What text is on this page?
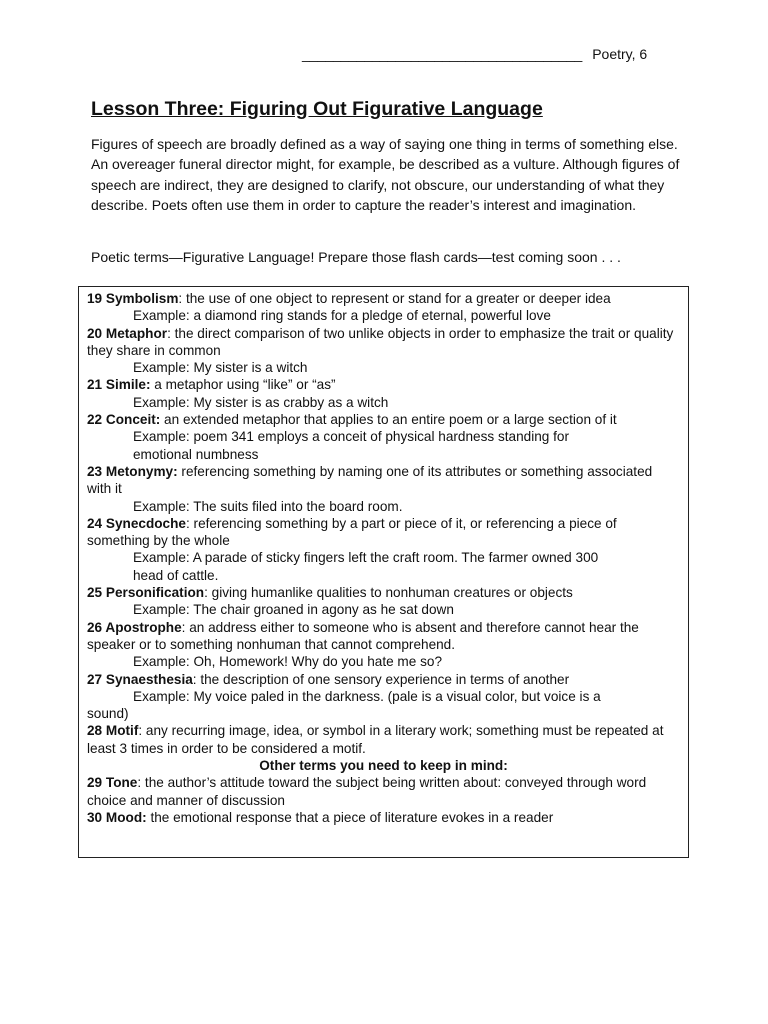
____________________________________ Poetry, 6
Lesson Three: Figuring Out Figurative Language

Figures of speech are broadly defined as a way of saying one thing in terms of something else. An overeager funeral director might, for example, be described as a vulture. Although figures of speech are indirect, they are designed to clarify, not obscure, our understanding of what they describe. Poets often use them in order to capture the reader’s interest and imagination.

Poetic terms—Figurative Language! Prepare those flash cards—test coming soon . . .

19 Symbolism: the use of one object to represent or stand for a greater or deeper idea

Example: a diamond ring stands for a pledge of eternal, powerful love

20 Metaphor: the direct comparison of two unlike objects in order to emphasize the trait or quality they share in common

Example: My sister is a witch

21 Simile: a metaphor using “like” or “as”

Example: My sister is as crabby as a witch

22 Conceit: an extended metaphor that applies to an entire poem or a large section of it

Example: poem 341 employs a conceit of physical hardness standing for emotional numbness

23 Metonymy: referencing something by naming one of its attributes or something associated with it

Example: The suits filed into the board room.

24 Synecdoche: referencing something by a part or piece of it, or referencing a piece of something by the whole

Example: A parade of sticky fingers left the craft room. The farmer owned 300 head of cattle.

25 Personification: giving humanlike qualities to nonhuman creatures or objects

Example: The chair groaned in agony as he sat down

26 Apostrophe: an address either to someone who is absent and therefore cannot hear the speaker or to something nonhuman that cannot comprehend.

Example: Oh, Homework! Why do you hate me so?

27 Synaesthesia: the description of one sensory experience in terms of another

Example: My voice paled in the darkness. (pale is a visual color, but voice is a

sound)

28 Motif: any recurring image, idea, or symbol in a literary work; something must be repeated at least 3 times in order to be considered a motif.

Other terms you need to keep in mind:

29 Tone: the author’s attitude toward the subject being written about: conveyed through word choice and manner of discussion

30 Mood: the emotional response that a piece of literature evokes in a reader
